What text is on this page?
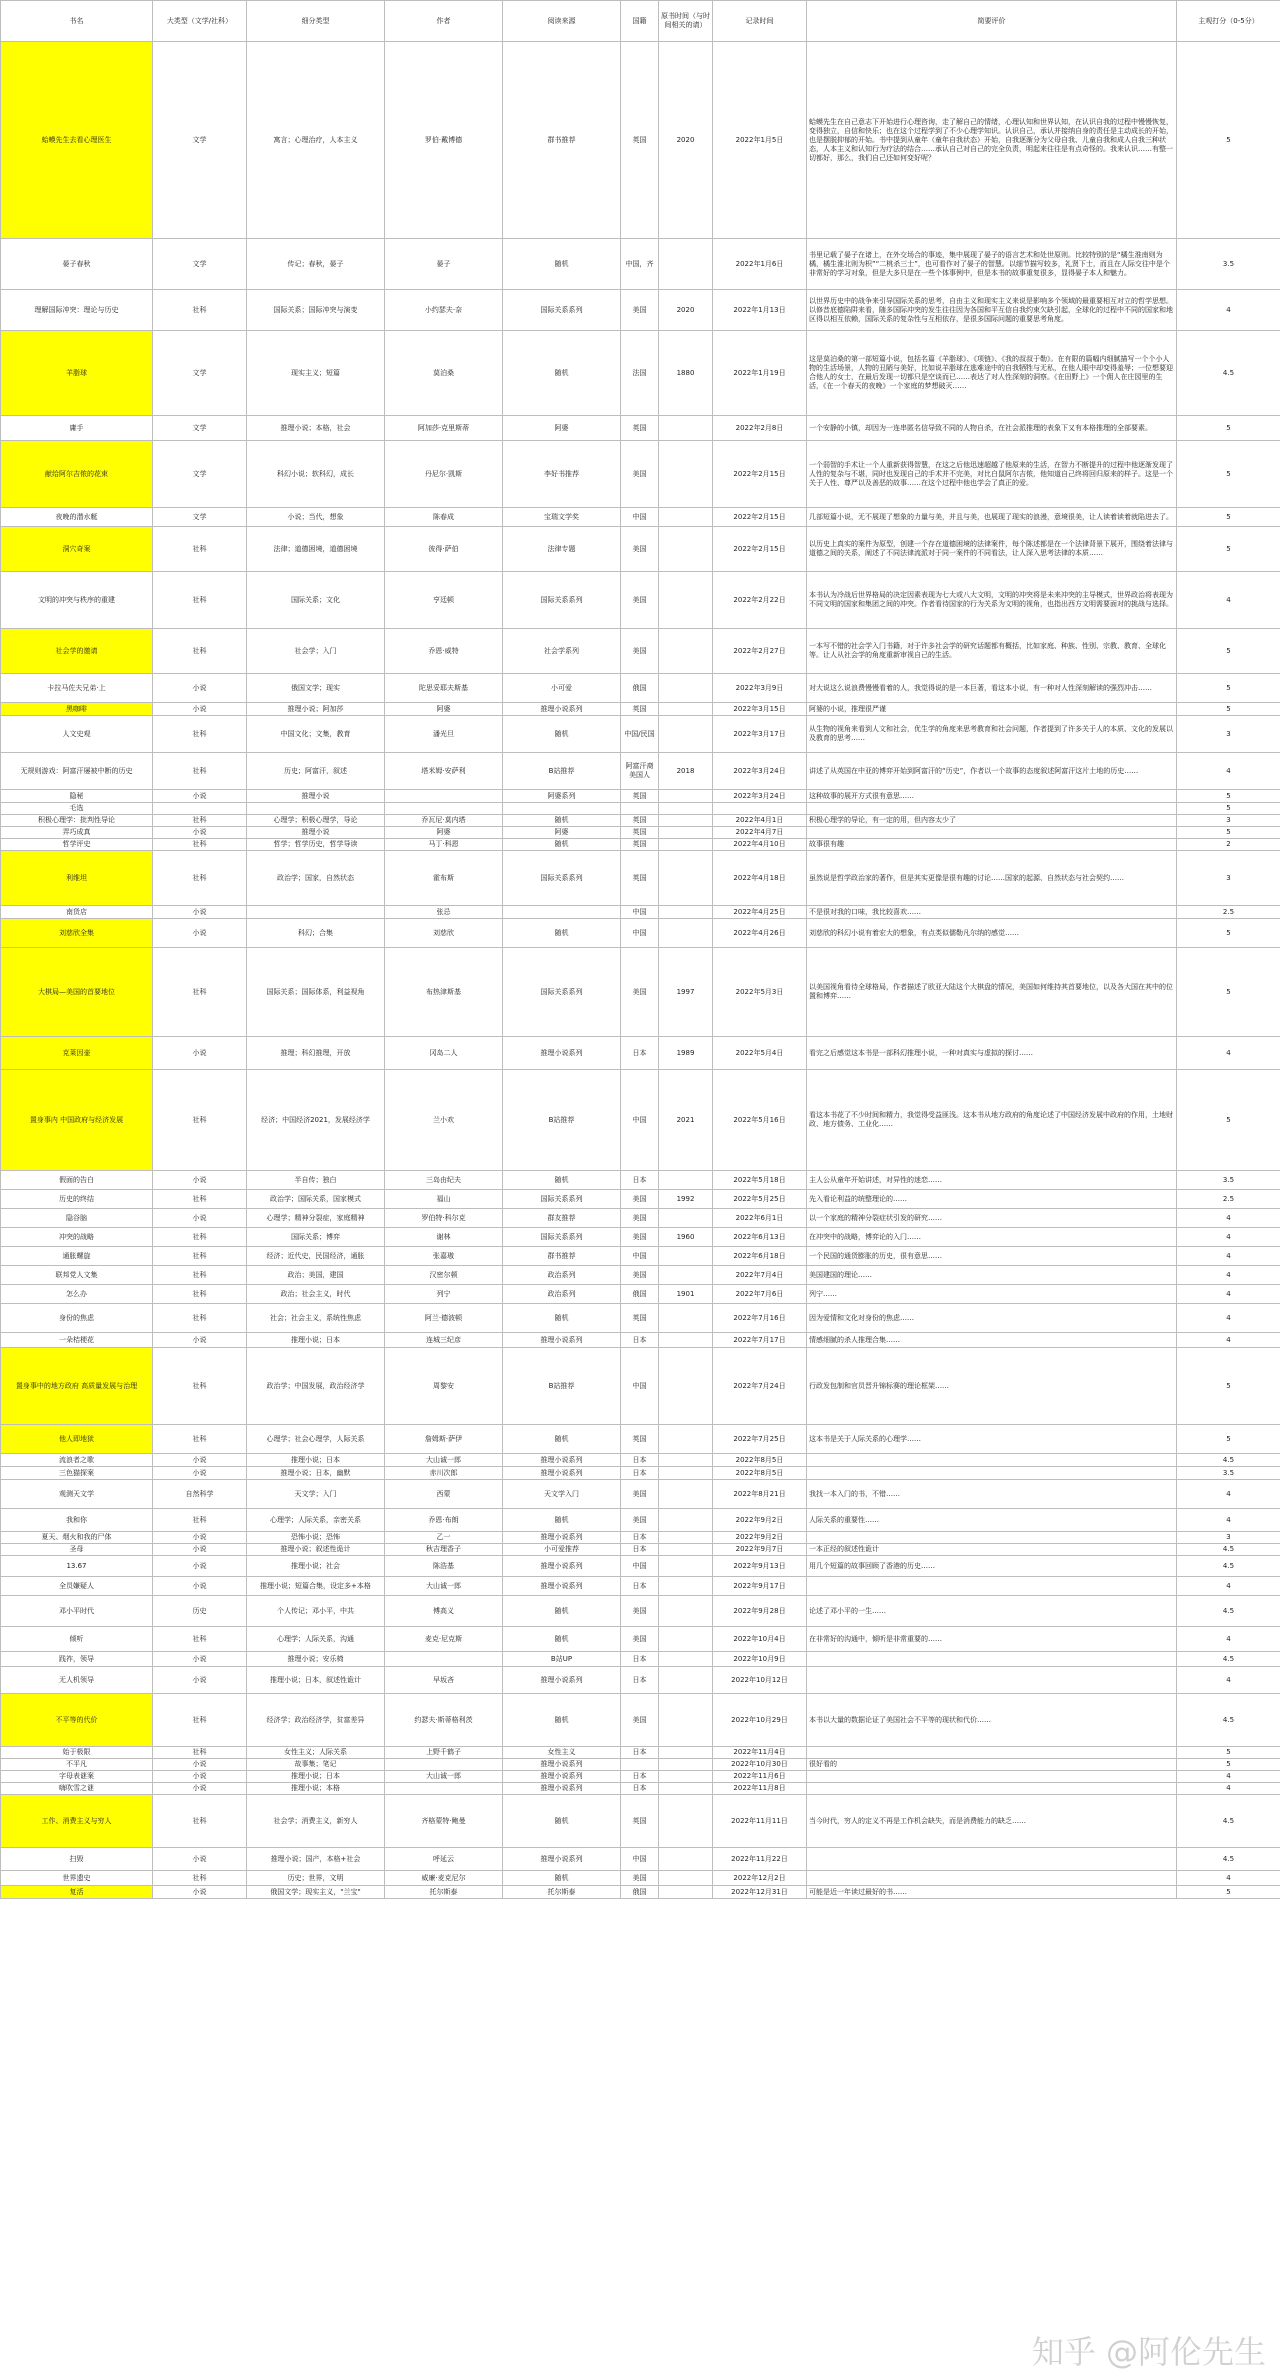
书名	大类型（文学/社科）	细分类型	作者	阅读来源	国籍	原书时间（与时间相关的请）	记录时间	简要评价	主观打分（0-5分）
蛤蟆先生去看心理医生	文学	寓言；心理治疗，人本主义	罗伯·戴博德	群书推荐	英国	2020	2022年1月5日	蛤蟆先生在自己意志下开始进行心理咨询，走了解自己的情绪，心理认知和世界认知，在认识自我的过程中慢慢恢复，变得独立，自信和快乐；也在这个过程学到了不少心理学知识。认识自己，承认并接纳自身的责任是主动成长的开始，也是摆脱抑郁的开始。书中提到从童年（童年自我状态）开始，自我逐渐分为父母自我、儿童自我和成人自我三种状态，人本主义和认知行为疗法的结合……承认自己对自己的完全负责，明起来往往是有点奇怪的。我来认识……有整一切都好，那么，我们自己还如何变好呢？	5
晏子春秋	文学	传记；春秋，晏子	晏子	随机	中国，齐		2022年1月6日	书里记载了晏子在诸上，在外交场合的事迹，集中展现了晏子的语言艺术和处世原则。比较特别的是“橘生淮南则为橘，橘生淮北则为枳”“二桃杀三士”，也可看作对了晏子的智慧。以细节描写较多，礼贤下士，而且在人际交往中是个非常好的学习对象，但是大多只是在一些个体事例中，但是本书的故事重复很多，显得晏子本人和魅力。	3.5
理解国际冲突：理论与历史	社科	国际关系；国际冲突与演变	小约瑟夫·奈	国际关系系列	美国	2020	2022年1月13日	以世界历史中的战争来引导国际关系的思考，自由主义和现实主义来说是影响多个领域的最重要相互对立的哲学思想。以修昔底德陷阱来看，随多国际冲突的发生往往因为各国和平互信自我约束欠缺引起，全球化的过程中不同的国家和地区得以相互依赖，国际关系的复杂性与互相依存，是很多国际问题的重要思考角度。	4
羊脂球	文学	现实主义；短篇	莫泊桑	随机	法国	1880	2022年1月19日	这是莫泊桑的第一部短篇小说，包括名篇《羊脂球》、《项链》、《我的叔叔于勒》。在有限的篇幅内细腻描写一个个小人物的生活场景，人物的丑陋与美好，比如说羊脂球在逃难途中的自我牺牲与无私，在他人眼中却变得羞辱；一位想要迎合他人的女士，在最后发现一切都只是空谈而已……表达了对人性深刻的洞察。《在田野上》一个佣人在庄园里的生活，《在一个春天的夜晚》一个家庭的梦想破灭……	4.5
庸手	文学	推理小说；本格，社会	阿加莎·克里斯蒂	阿婆	英国		2022年2月8日	一个安静的小镇，却因为一连串匿名信导致不同的人物自杀，在社会派推理的表象下又有本格推理的全部要素。	5
献给阿尔吉侬的花束	文学	科幻小说；软科幻，成长	丹尼尔·凯斯	李好书推荐	美国		2022年2月15日	一个弱智的手术让一个人重新获得智慧，在这之后他迅速超越了他原来的生活，在智力不断提升的过程中他逐渐发现了人性的复杂与不堪，同时也发现自己的手术并不完美，对比白鼠阿尔吉侬，他知道自己终将回归原来的样子。这是一个关于人性、尊严以及善恶的故事……在这个过程中他也学会了真正的爱。	5
夜晚的潜水艇	文学	小说；当代，想象	陈春成	宝瑞文学奖	中国		2022年2月15日	几部短篇小说，无不展现了想象的力量与美，并且与美，也展现了现实的浪漫，意境很美，让人读着读着就陷进去了。	5
洞穴奇案	社科	法律；道德困境，道德困境	彼得·萨伯	法律专题	美国		2022年2月15日	以历史上真实的案件为原型，创建一个存在道德困境的法律案件，每个陈述都是在一个法律背景下展开，围绕着法律与道德之间的关系，阐述了不同法律流派对于同一案件的不同看法，让人深入思考法律的本质……	5
文明的冲突与秩序的重建	社科	国际关系；文化	亨廷顿	国际关系系列	美国		2022年2月22日	本书认为冷战后世界格局的决定因素表现为七大或八大文明，文明的冲突将是未来冲突的主导模式，世界政治将表现为不同文明的国家和集团之间的冲突。作者看待国家的行为关系为文明的视角，也指出西方文明需要面对的挑战与选择。	4
社会学的邀请	社科	社会学；入门	乔恩·威特	社会学系列	美国		2022年2月27日	一本写不错的社会学入门书籍，对于许多社会学的研究话题都有概括，比如家庭、种族、性别、宗教、教育、全球化等。让人从社会学的角度重新审视自己的生活。	5
卡拉马佐夫兄弟·上	小说	俄国文学；现实	陀思妥耶夫斯基	小可爱	俄国		2022年3月9日	对大说这么说浪费慢慢看着的人，我觉得说的是一本巨著，看这本小说，有一种对人性深刻解读的强烈冲击……	5
黑咖啡	小说	推理小说；阿加莎	阿婆	推理小说系列	英国		2022年3月15日	阿婆的小说，推理很严谨	5
人文史观	社科	中国文化；文集，教育	潘光旦	随机	中国/民国		2022年3月17日	从生物的视角来看到人文和社会，优生学的角度来思考教育和社会问题，作者提到了许多关于人的本质、文化的发展以及教育的思考……	3
无规则游戏：阿富汗屡被中断的历史	社科	历史；阿富汗，叙述	塔米姆·安萨利	B站推荐	阿富汗裔美国人	2018	2022年3月24日	讲述了从英国在中亚的博弈开始到阿富汗的“历史”，作者以一个故事的态度叙述阿富汗这片土地的历史……	4
隐秘	小说	推理小说		阿婆系列	英国		2022年3月24日	这种故事的展开方式很有意思……	5
毛选									5
积极心理学：批判性导论	社科	心理学；积极心理学，导论	乔瓦尼·莫内塔	随机	英国		2022年4月1日	积极心理学的导论，有一定的用，但内容太少了	3
弄巧成真	小说	推理小说	阿婆	阿婆	英国		2022年4月7日		5
哲学评史	社科	哲学；哲学历史，哲学导读	马丁·科恩	随机	英国		2022年4月10日	故事很有趣	2
利维坦	社科	政治学；国家，自然状态	霍布斯	国际关系系列	英国		2022年4月18日	虽然说是哲学政治家的著作，但是其实更像是很有趣的讨论……国家的起源、自然状态与社会契约……	3
南货店	小说		张忌		中国		2022年4月25日	不是很对我的口味，我比较喜欢……	2.5
刘慈欣全集	小说	科幻；合集	刘慈欣	随机	中国		2022年4月26日	刘慈欣的科幻小说有着宏大的想象，有点类似儒勒凡尔纳的感觉……	5
大棋局—美国的首要地位	社科	国际关系；国际体系，利益视角	布热津斯基	国际关系系列	美国	1997	2022年5月3日	以美国视角看待全球格局，作者描述了欧亚大陆这个大棋盘的情况，美国如何维持其首要地位，以及各大国在其中的位置和博弈……	5
克莱因壶	小说	推理；科幻推理，开放	冈岛二人	推理小说系列	日本	1989	2022年5月4日	看完之后感觉这本书是一部科幻推理小说，一种对真实与虚拟的探讨……	4
置身事内 中国政府与经济发展	社科	经济；中国经济2021，发展经济学	兰小欢	B站推荐	中国	2021	2022年5月16日	看这本书花了不少时间和精力，我觉得受益匪浅。这本书从地方政府的角度论述了中国经济发展中政府的作用，土地财政、地方债务、工业化……	5
假面的告白	小说	半自传；独白	三岛由纪夫	随机	日本		2022年5月18日	主人公从童年开始讲述，对异性的迷恋……	3.5
历史的终结	社科	政治学；国际关系，国家模式	福山	国际关系系列	美国	1992	2022年5月25日	先入看论利益的统整理论的……	2.5
隐谷脑	小说	心理学；精神分裂症，家庭精神	罗伯特·科尔克	群友推荐	美国		2022年6月1日	以一个家庭的精神分裂症状引发的研究……	4
冲突的战略	社科	国际关系；博弈	谢林	国际关系系列	美国	1960	2022年6月13日	在冲突中的战略，博弈论的入门……	4
通胀螺旋	社科	经济；近代史，民国经济，通胀	张嘉璈	群书推荐	中国		2022年6月18日	一个民国的通货膨胀的历史，很有意思……	4
联邦党人文集	社科	政治；美国，建国	汉密尔顿	政治系列	美国		2022年7月4日	美国建国的理论……	4
怎么办	社科	政治；社会主义，时代	列宁	政治系列	俄国	1901	2022年7月6日	列宁……	4
身份的焦虑	社科	社会；社会主义，系统性焦虑	阿兰·德波顿	随机	英国		2022年7月16日	因为爱情和文化对身份的焦虑……	4
一朵桔梗花	小说	推理小说；日本	连城三纪彦	推理小说系列	日本		2022年7月17日	情感细腻的杀人推理合集……	4
置身事中的地方政府 高质量发展与治理	社科	政治学；中国发展，政治经济学	周黎安	B站推荐	中国		2022年7月24日	行政发包制和官员晋升锦标赛的理论框架……	5
他人即地狱	社科	心理学；社会心理学，人际关系	詹姆斯·萨伊	随机	英国		2022年7月25日	这本书是关于人际关系的心理学……	5
流浪者之歌	小说	推理小说；日本	大山诚一郎	推理小说系列	日本		2022年8月5日		4.5
三色猫探案	小说	推理小说；日本，幽默	赤川次郎	推理小说系列	日本		2022年8月5日		3.5
观测天文学	自然科学	天文学；入门	西蒙	天文学入门	美国		2022年8月21日	我找一本入门的书，不错……	4
我和你	社科	心理学；人际关系，亲密关系	乔恩·布朗	随机	美国		2022年9月2日	人际关系的重要性……	4
夏天、烟火和我的尸体	小说	恐怖小说；恐怖	乙一	推理小说系列	日本		2022年9月2日		3
圣母	小说	推理小说；叙述性诡计	秋吉理香子	小可爱推荐	日本		2022年9月7日	一本正经的叙述性诡计	4.5
13.67	小说	推理小说；社会	陈浩基	推理小说系列	中国		2022年9月13日	用几个短篇的故事回顾了香港的历史……	4.5
全员嫌疑人	小说	推理小说；短篇合集，设定多+本格	大山诚一郎	推理小说系列	日本		2022年9月17日		4
邓小平时代	历史	个人传记；邓小平，中共	傅高义	随机	美国		2022年9月28日	论述了邓小平的一生……	4.5
倾听	社科	心理学；人际关系，沟通	麦克·尼克斯	随机	美国		2022年10月4日	在非常好的沟通中，倾听是非常重要的……	4
践祚，领导	小说	推理小说；安乐椅		B站UP	日本		2022年10月9日		4.5
无人机领导	小说	推理小说；日本，叙述性诡计	早坂吝	推理小说系列	日本		2022年10月12日		4
不平等的代价	社科	经济学；政治经济学，贫富差异	约瑟夫·斯蒂格利茨	随机	美国		2022年10月29日	本书以大量的数据论证了美国社会不平等的现状和代价……	4.5
始于极限	社科	女性主义；人际关系	上野千鹤子	女性主义	日本		2022年11月4日		5
不平凡	小说	故事集；笔记		推理小说系列			2022年10月30日	很好看的	5
字母表谜案	小说	推理小说；日本	大山诚一郎	推理小说系列	日本		2022年11月6日		4
嗨吹雪之谜	小说	推理小说；本格		推理小说系列	日本		2022年11月8日		4
工作、消费主义与穷人	社科	社会学；消费主义，新穷人	齐格蒙特·鲍曼	随机	英国		2022年11月11日	当今时代，穷人的定义不再是工作机会缺失，而是消费能力的缺乏……	4.5
扫毁	小说	推理小说；国产，本格+社会	呼延云	推理小说系列	中国		2022年11月22日		4.5
世界遗史	社科	历史；世界，文明	威廉·麦克尼尔	随机	美国		2022年12月2日		4
复活	小说	俄国文学；现实主义，"兰宝"	托尔斯泰	托尔斯泰	俄国		2022年12月31日	可能是近一年读过最好的书……	5
知乎 @阿伦先生
